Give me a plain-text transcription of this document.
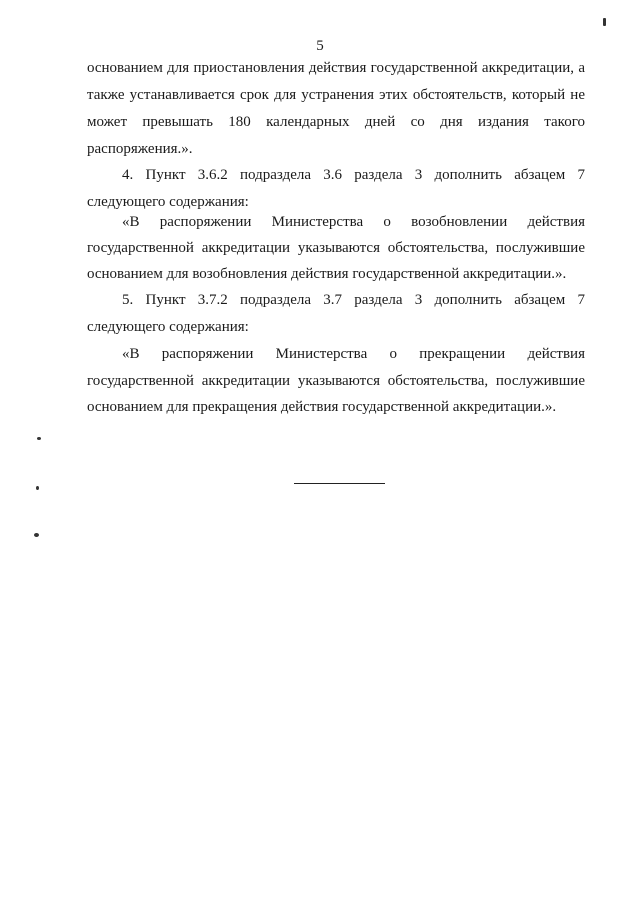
5
основанием для приостановления действия государственной аккредитации, а
также устанавливается срок для устранения этих обстоятельств, который не
может превышать 180 календарных дней со дня издания такого
распоряжения.».
4. Пункт 3.6.2 подраздела 3.6 раздела 3 дополнить абзацем 7
следующего содержания:
«В распоряжении Министерства о возобновлении действия
государственной аккредитации указываются обстоятельства, послужившие
основанием для возобновления действия государственной аккредитации.».
5. Пункт 3.7.2 подраздела 3.7 раздела 3 дополнить абзацем 7
следующего содержания:
«В распоряжении Министерства о прекращении действия
государственной аккредитации указываются обстоятельства, послужившие
основанием для прекращения действия государственной аккредитации.».
